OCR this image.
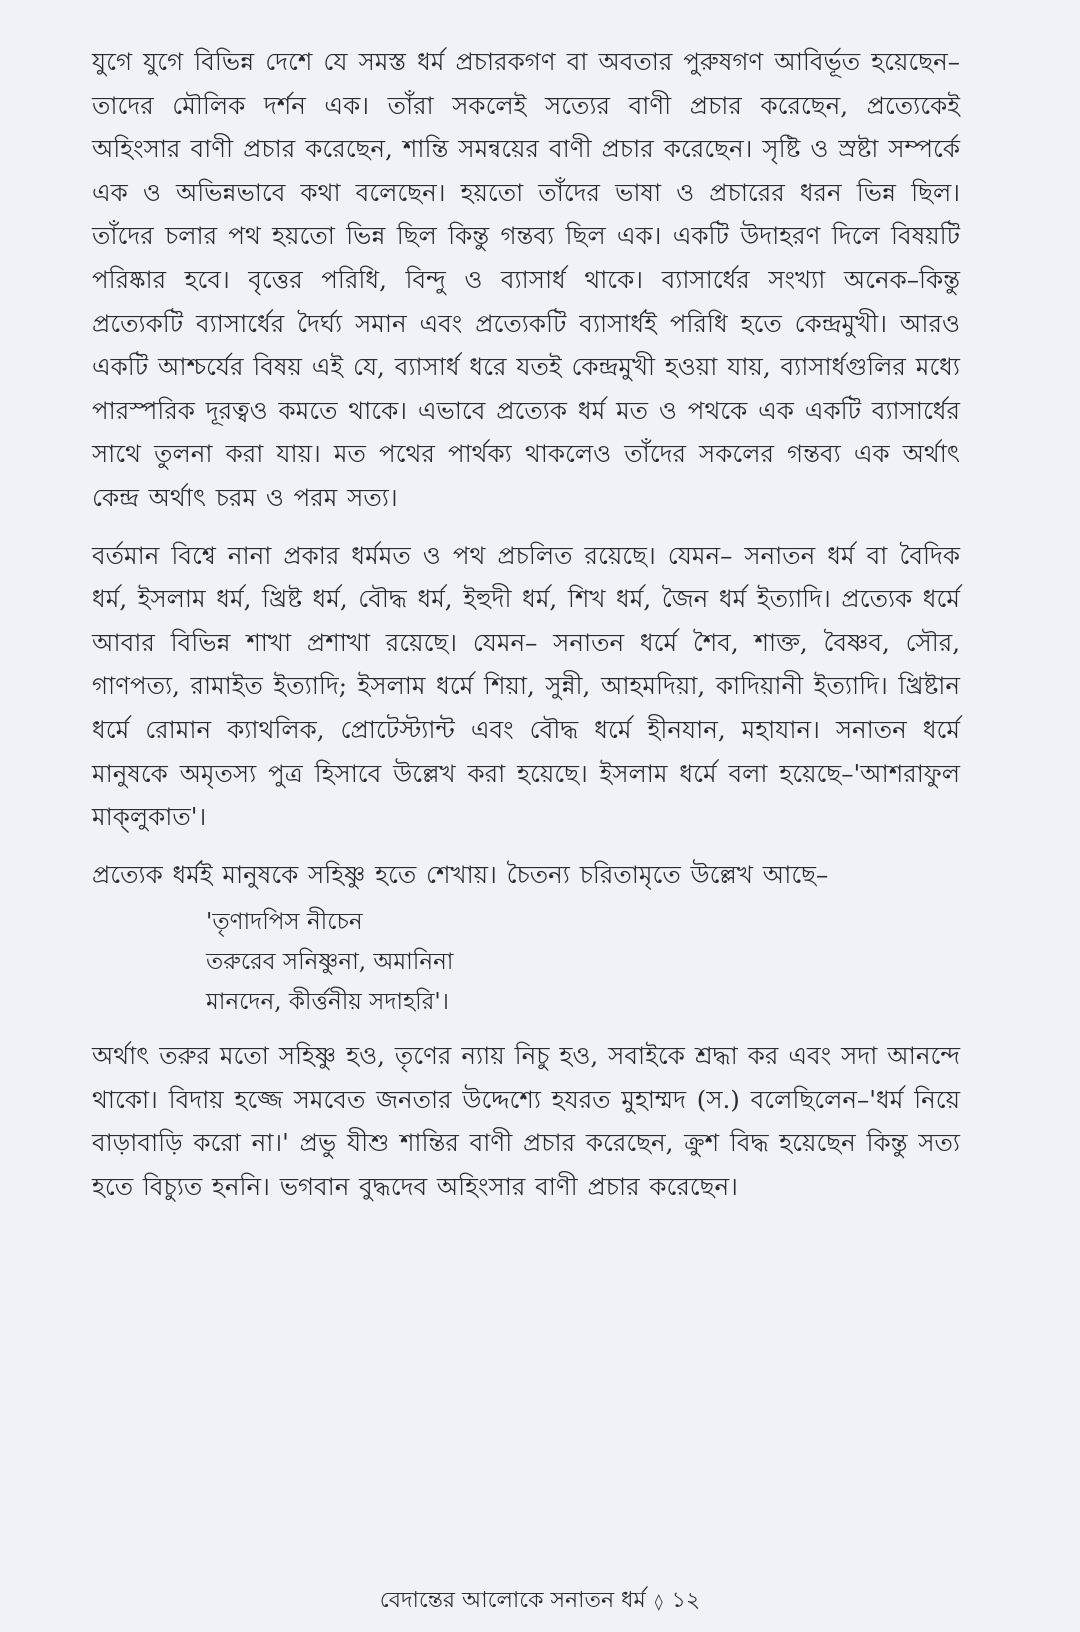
যুগে যুগে বিভিন্ন দেশে যে সমস্ত ধর্ম প্রচারকগণ বা অবতার পুরুষগণ আবির্ভূত হয়েছেন–তাদের মৌলিক দর্শন এক। তাঁরা সকলেই সত্যের বাণী প্রচার করেছেন, প্রত্যেকেই অহিংসার বাণী প্রচার করেছেন, শান্তি সমন্বয়ের বাণী প্রচার করেছেন। সৃষ্টি ও স্রষ্টা সম্পর্কে এক ও অভিন্নভাবে কথা বলেছেন। হয়তো তাঁদের ভাষা ও প্রচারের ধরন ভিন্ন ছিল। তাঁদের চলার পথ হয়তো ভিন্ন ছিল কিন্তু গন্তব্য ছিল এক। একটি উদাহরণ দিলে বিষয়টি পরিষ্কার হবে। বৃত্তের পরিধি, বিন্দু ও ব্যাসার্ধ থাকে। ব্যাসার্ধের সংখ্যা অনেক–কিন্তু প্রত্যেকটি ব্যাসার্ধের দৈর্ঘ্য সমান এবং প্রত্যেকটি ব্যাসার্ধই পরিধি হতে কেন্দ্রমুখী। আরও একটি আশ্চর্যের বিষয় এই যে, ব্যাসার্ধ ধরে যতই কেন্দ্রমুখী হওয়া যায়, ব্যাসার্ধগুলির মধ্যে পারস্পরিক দূরত্বও কমতে থাকে। এভাবে প্রত্যেক ধর্ম মত ও পথকে এক একটি ব্যাসার্ধের সাথে তুলনা করা যায়। মত পথের পার্থক্য থাকলেও তাঁদের সকলের গন্তব্য এক অর্থাৎ কেন্দ্র অর্থাৎ চরম ও পরম সত্য।

বর্তমান বিশ্বে নানা প্রকার ধর্মমত ও পথ প্রচলিত রয়েছে। যেমন– সনাতন ধর্ম বা বৈদিক ধর্ম, ইসলাম ধর্ম, খ্রিষ্ট ধর্ম, বৌদ্ধ ধর্ম, ইহুদী ধর্ম, শিখ ধর্ম, জৈন ধর্ম ইত্যাদি। প্রত্যেক ধর্মে আবার বিভিন্ন শাখা প্রশাখা রয়েছে। যেমন– সনাতন ধর্মে শৈব, শাক্ত, বৈষ্ণব, সৌর, গাণপত্য, রামাইত ইত্যাদি; ইসলাম ধর্মে শিয়া, সুন্নী, আহমদিয়া, কাদিয়ানী ইত্যাদি। খ্রিষ্টান ধর্মে রোমান ক্যাথলিক, প্রোটেস্ট্যান্ট এবং বৌদ্ধ ধর্মে হীনযান, মহাযান। সনাতন ধর্মে মানুষকে অমৃতস্য পুত্র হিসাবে উল্লেখ করা হয়েছে। ইসলাম ধর্মে বলা হয়েছে–'আশরাফুল মাক্‌লুকাত'।

প্রত্যেক ধর্মই মানুষকে সহিষ্ণু হতে শেখায়। চৈতন্য চরিতামৃতে উল্লেখ আছে–

'তৃণাদপিস নীচেন
তরুরেব সনিষ্ণুনা, অমানিনা
মানদেন, কীর্ত্তনীয় সদাহরি'।

অর্থাৎ তরুর মতো সহিষ্ণু হও, তৃণের ন্যায় নিচু হও, সবাইকে শ্রদ্ধা কর এবং সদা আনন্দে থাকো। বিদায় হজ্জে সমবেত জনতার উদ্দেশ্যে হযরত মুহাম্মদ (স.) বলেছিলেন–'ধর্ম নিয়ে বাড়াবাড়ি করো না।' প্রভু যীশু শান্তির বাণী প্রচার করেছেন, ক্রুশ বিদ্ধ হয়েছেন কিন্তু সত্য হতে বিচ্যুত হননি। ভগবান বুদ্ধদেব অহিংসার বাণী প্রচার করেছেন।

বেদান্তের আলোকে সনাতন ধর্ম ◊ ১২
